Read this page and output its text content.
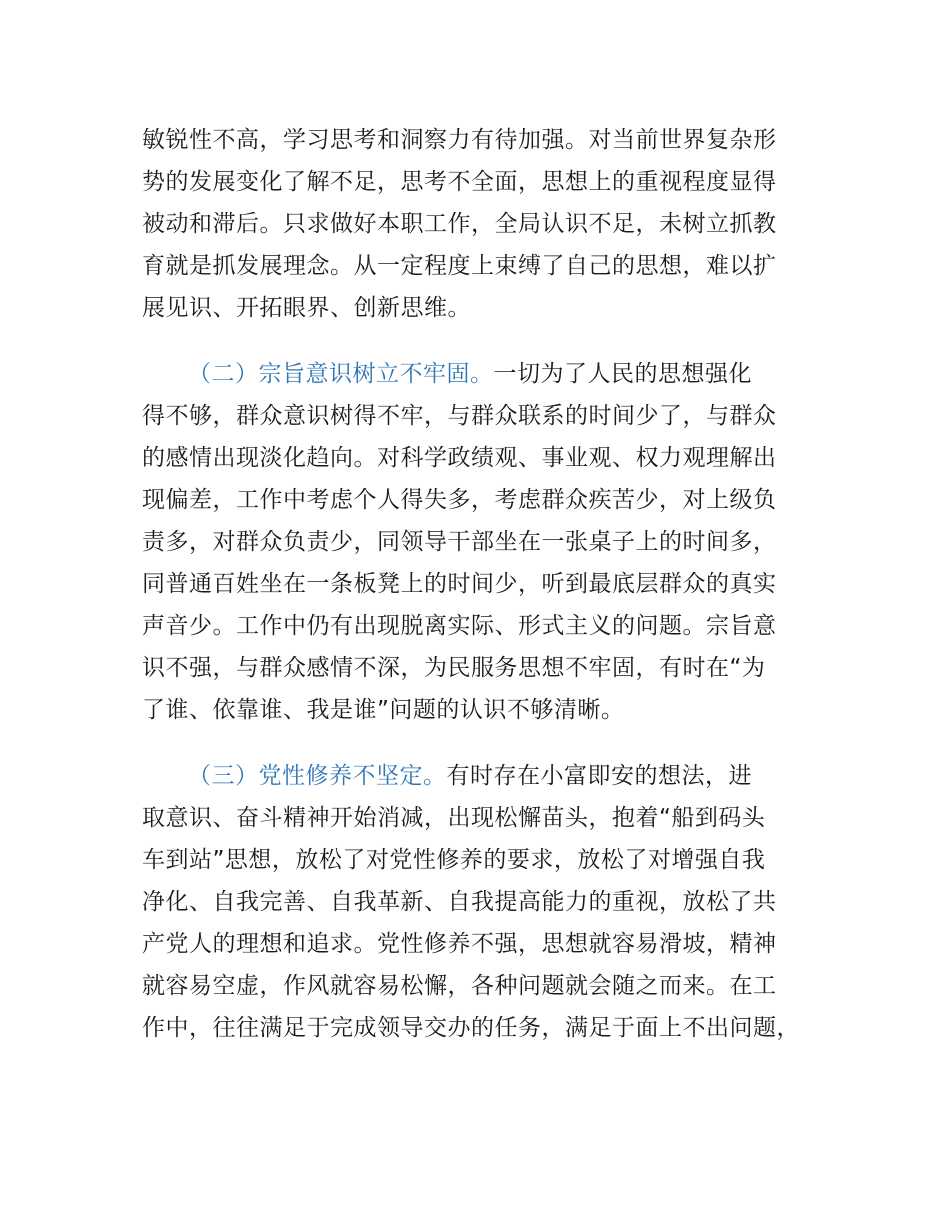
敏锐性不高，学习思考和洞察力有待加强。对当前世界复杂形
势的发展变化了解不足，思考不全面，思想上的重视程度显得
被动和滞后。只求做好本职工作，全局认识不足，未树立抓教
育就是抓发展理念。从一定程度上束缚了自己的思想，难以扩
展见识、开拓眼界、创新思维。
（二）宗旨意识树立不牢固。一切为了人民的思想强化
得不够，群众意识树得不牢，与群众联系的时间少了，与群众
的感情出现淡化趋向。对科学政绩观、事业观、权力观理解出
现偏差，工作中考虑个人得失多，考虑群众疾苦少，对上级负
责多，对群众负责少，同领导干部坐在一张桌子上的时间多，
同普通百姓坐在一条板凳上的时间少，听到最底层群众的真实
声音少。工作中仍有出现脱离实际、形式主义的问题。宗旨意
识不强，与群众感情不深，为民服务思想不牢固，有时在“为
了谁、依靠谁、我是谁”问题的认识不够清晰。
（三）党性修养不坚定。有时存在小富即安的想法，进
取意识、奋斗精神开始消减，出现松懈苗头，抱着“船到码头
车到站”思想，放松了对党性修养的要求，放松了对增强自我
净化、自我完善、自我革新、自我提高能力的重视，放松了共
产党人的理想和追求。党性修养不强，思想就容易滑坡，精神
就容易空虚，作风就容易松懈，各种问题就会随之而来。在工
作中，往往满足于完成领导交办的任务，满足于面上不出问题，
